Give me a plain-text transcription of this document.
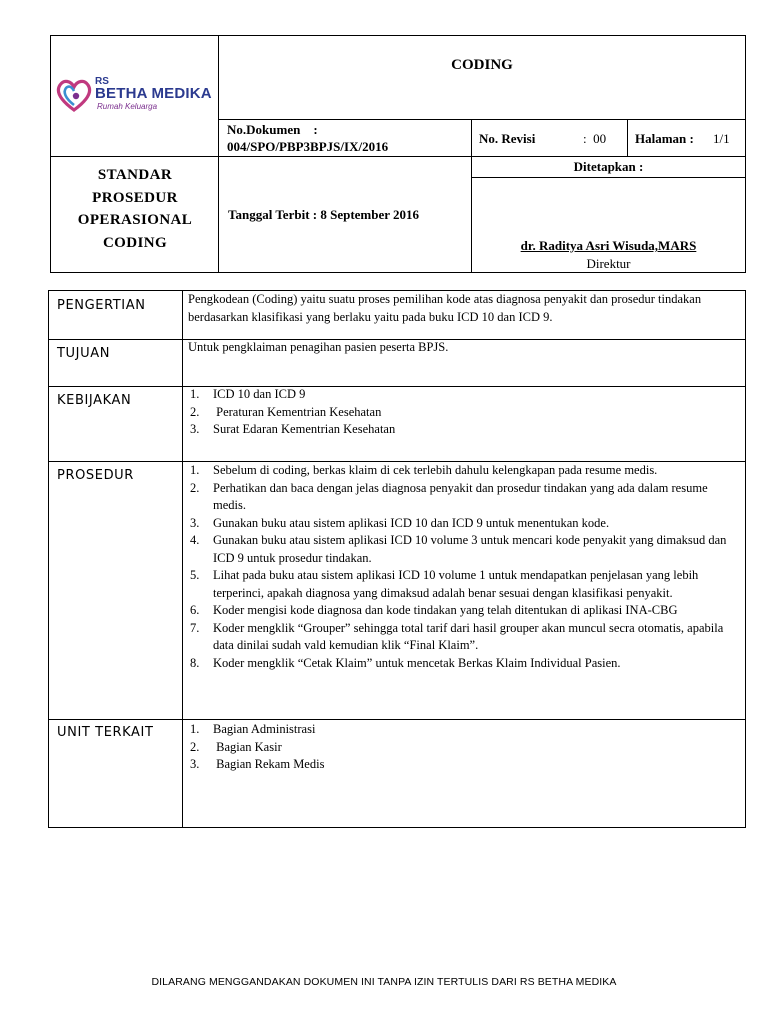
RS
BETHA MEDIKA
Rumah Keluarga
CODING
No.Dokumen    :
004/SPO/PBP3BPJS/IX/2016
No. Revisi	:  00 Halaman : 1/1
STANDAR
PROSEDUR
OPERASIONAL
CODING
Tanggal Terbit : 8 September 2016
Ditetapkan :
dr. Raditya Asri Wisuda,MARS
Direktur
PENGERTIAN	Pengkodean (Coding) yaitu suatu proses pemilihan kode atas diagnosa penyakit dan prosedur tindakan berdasarkan klasifikasi yang berlaku yaitu pada buku ICD 10 dan ICD 9.
TUJUAN	Untuk pengklaiman penagihan pasien peserta BPJS.
KEBIJAKAN	1. ICD 10 dan ICD 9
2. Peraturan Kementrian Kesehatan
3. Surat Edaran Kementrian Kesehatan
PROSEDUR	1. Sebelum di coding, berkas klaim di cek terlebih dahulu kelengkapan pada resume medis.
2. Perhatikan dan baca dengan jelas diagnosa penyakit dan prosedur tindakan yang ada dalam resume medis.
3. Gunakan buku atau sistem aplikasi ICD 10 dan ICD 9 untuk menentukan kode.
4. Gunakan buku atau sistem aplikasi ICD 10 volume 3 untuk mencari kode penyakit yang dimaksud dan ICD 9 untuk prosedur tindakan.
5. Lihat pada buku atau sistem aplikasi ICD 10 volume 1 untuk mendapatkan penjelasan yang lebih terperinci, apakah diagnosa yang dimaksud adalah benar sesuai dengan klasifikasi penyakit.
6. Koder mengisi kode diagnosa dan kode tindakan yang telah ditentukan di aplikasi INA-CBG
7. Koder mengklik “Grouper” sehingga total tarif dari hasil grouper akan muncul secra otomatis, apabila data dinilai sudah vald kemudian klik “Final Klaim”.
8. Koder mengklik “Cetak Klaim” untuk mencetak Berkas Klaim Individual Pasien.
UNIT TERKAIT	1. Bagian Administrasi
2. Bagian Kasir
3. Bagian Rekam Medis
DILARANG MENGGANDAKAN DOKUMEN INI TANPA IZIN TERTULIS DARI RS BETHA MEDIKA
